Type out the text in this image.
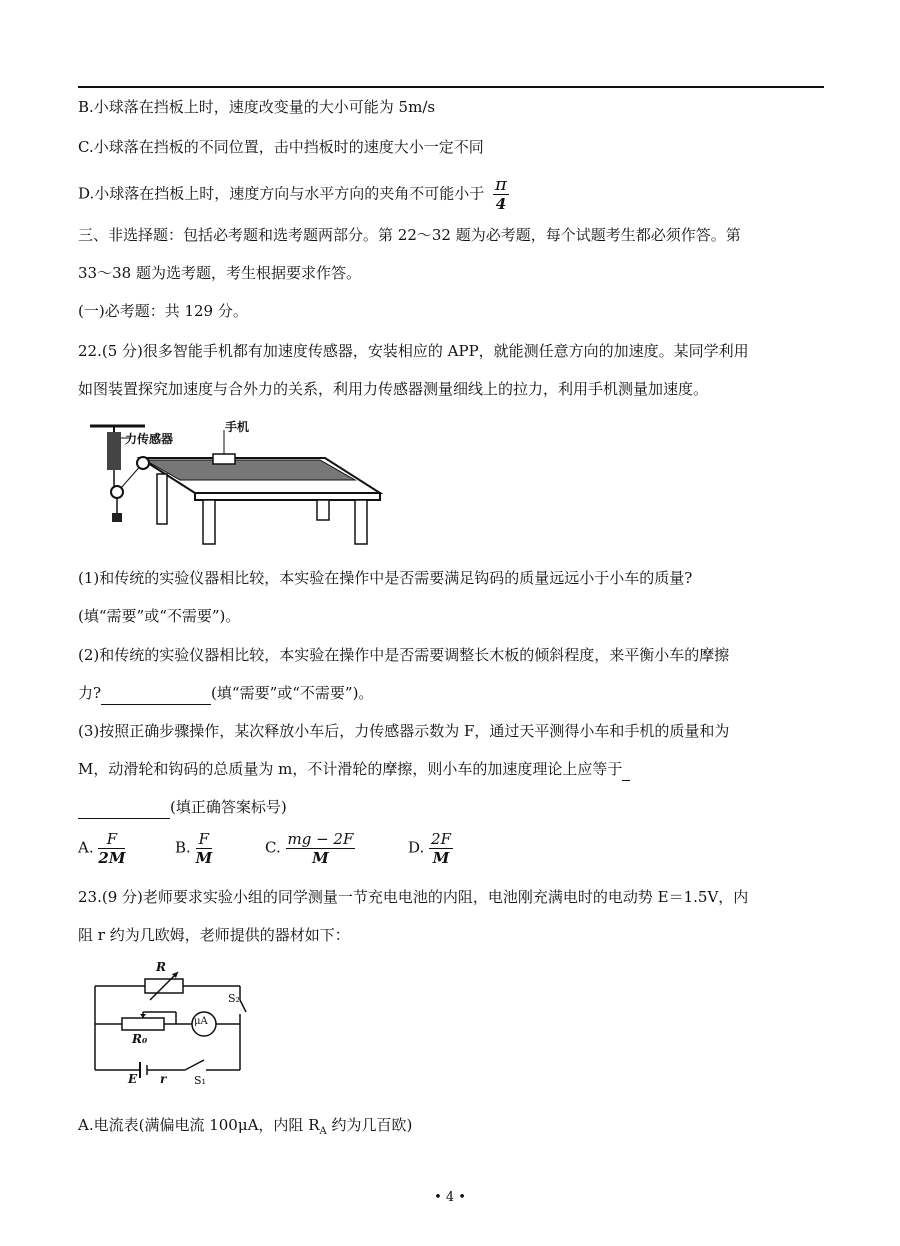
B.小球落在挡板上时，速度改变量的大小可能为 5m/s
C.小球落在挡板的不同位置，击中挡板时的速度大小一定不同
D.小球落在挡板上时，速度方向与水平方向的夹角不可能小于 $\frac{\pi}{4}$
三、非选择题：包括必考题和选考题两部分。第 22～32 题为必考题，每个试题考生都必须作答。第
33～38 题为选考题，考生根据要求作答。
(一)必考题：共 129 分。
22.(5 分)很多智能手机都有加速度传感器，安装相应的 APP，就能测任意方向的加速度。某同学利用
如图装置探究加速度与合外力的关系，利用力传感器测量细线上的拉力，利用手机测量加速度。
力传感器
手机
(1)和传统的实验仪器相比较，本实验在操作中是否需要满足钩码的质量远远小于小车的质量?
(填“需要”或“不需要”)。
(2)和传统的实验仪器相比较，本实验在操作中是否需要调整长木板的倾斜程度，来平衡小车的摩擦
力?	(填“需要”或“不需要”)。
(3)按照正确步骤操作，某次释放小车后，力传感器示数为 F，通过天平测得小车和手机的质量和为
M，动滑轮和钩码的总质量为 m，不计滑轮的摩擦，则小车的加速度理论上应等于
(填正确答案标号)
A. $\frac{F}{2M}$	B. $\frac{F}{M}$	C. $\frac{mg - 2F}{M}$	D. $\frac{2F}{M}$
23.(9 分)老师要求实验小组的同学测量一节充电电池的内阻，电池刚充满电时的电动势 E＝1.5V，内
阻 r 约为几欧姆，老师提供的器材如下：
R
μA
S₂
R₀
E r	S₁
A.电流表(满偏电流 100μA，内阻 $R_A$ 约为几百欧)
• 4 •
